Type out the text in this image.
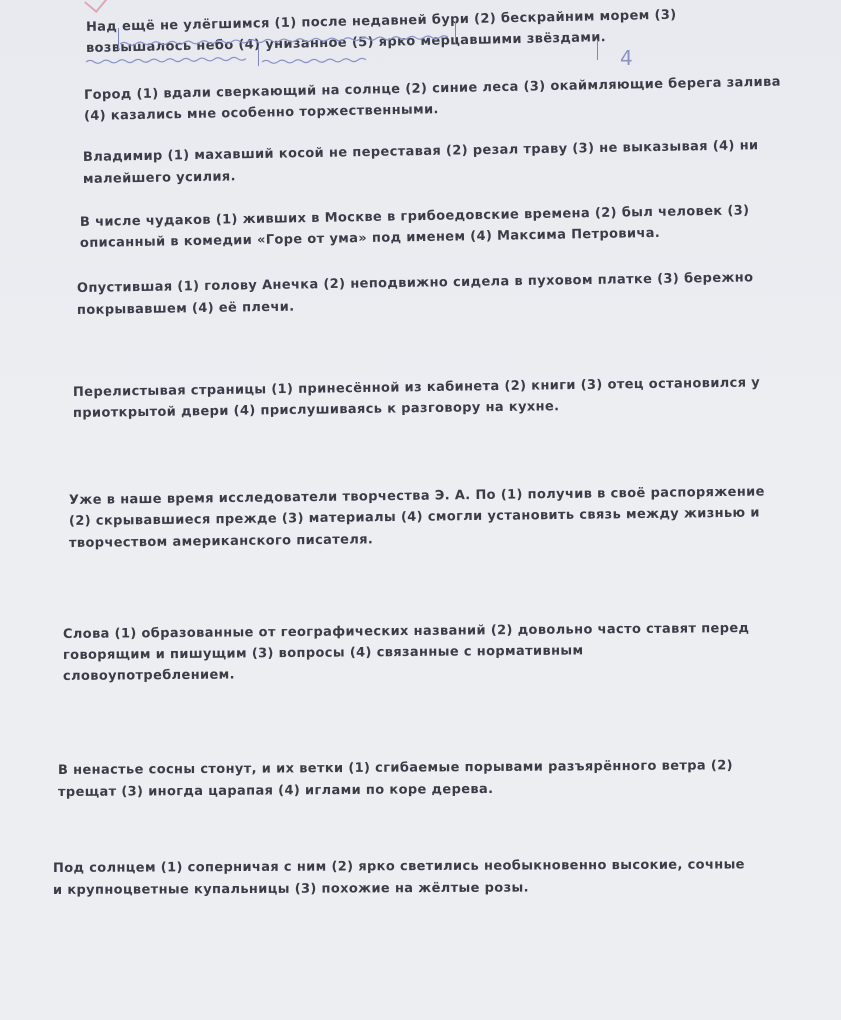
Над ещё не улёгшимся (1) после недавней бури (2) бескрайним морем (3)
возвышалось небо (4) унизанное (5) ярко мерцавшими звёздами.
4
Город (1) вдали сверкающий на солнце (2) синие леса (3) окаймляющие берега залива
(4) казались мне особенно торжественными.
Владимир (1) махавший косой не переставая (2) резал траву (3) не выказывая (4) ни
малейшего усилия.
В числе чудаков (1) живших в Москве в грибоедовские времена (2) был человек (3)
описанный в комедии «Горе от ума» под именем (4) Максима Петровича.
Опустившая (1) голову Анечка (2) неподвижно сидела в пуховом платке (3) бережно
покрывавшем (4) её плечи.
Перелистывая страницы (1) принесённой из кабинета (2) книги (3) отец остановился у
приоткрытой двери (4) прислушиваясь к разговору на кухне.
Уже в наше время исследователи творчества Э. А. По (1) получив в своё распоряжение
(2) скрывавшиеся прежде (3) материалы (4) смогли установить связь между жизнью и
творчеством американского писателя.
Слова (1) образованные от географических названий (2) довольно часто ставят перед
говорящим и пишущим (3) вопросы (4) связанные с нормативным
словоупотреблением.
В ненастье сосны стонут, и их ветки (1) сгибаемые порывами разъярённого ветра (2)
трещат (3) иногда царапая (4) иглами по коре дерева.
Под солнцем (1) соперничая с ним (2) ярко светились необыкновенно высокие, сочные
и крупноцветные купальницы (3) похожие на жёлтые розы.
